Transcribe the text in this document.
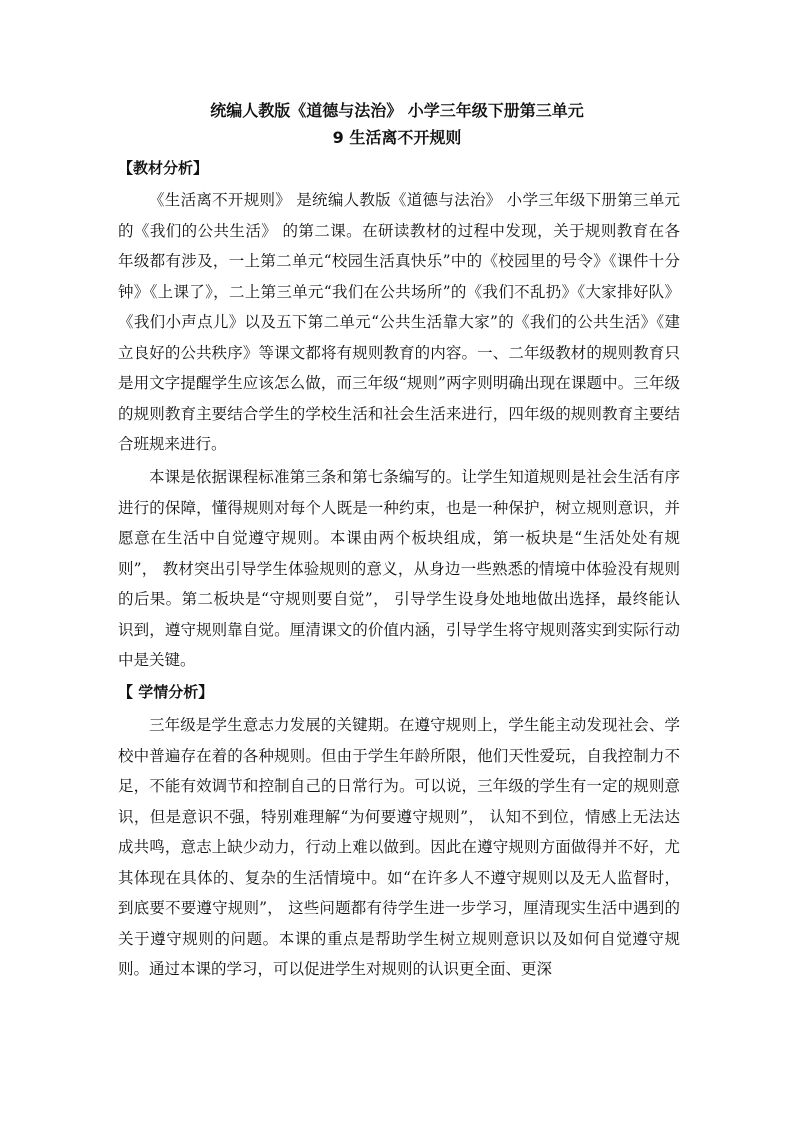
统编人教版《道德与法治》 小学三年级下册第三单元
9 生活离不开规则
【教材分析】

《生活离不开规则》 是统编人教版《道德与法治》 小学三年级下册第三单元的《我们的公共生活》 的第二课。在研读教材的过程中发现，关于规则教育在各年级都有涉及，一上第二单元“校园生活真快乐”中的《校园里的号令》《课件十分钟》《上课了》，二上第三单元“我们在公共场所”的《我们不乱扔》《大家排好队》《我们小声点儿》以及五下第二单元“公共生活靠大家”的《我们的公共生活》《建立良好的公共秩序》等课文都将有规则教育的内容。一、二年级教材的规则教育只是用文字提醒学生应该怎么做，而三年级“规则”两字则明确出现在课题中。三年级的规则教育主要结合学生的学校生活和社会生活来进行，四年级的规则教育主要结合班规来进行。

本课是依据课程标准第三条和第七条编写的。让学生知道规则是社会生活有序进行的保障，懂得规则对每个人既是一种约束，也是一种保护，树立规则意识，并愿意在生活中自觉遵守规则。本课由两个板块组成，第一板块是“生活处处有规则”， 教材突出引导学生体验规则的意义，从身边一些熟悉的情境中体验没有规则的后果。第二板块是“守规则要自觉”， 引导学生设身处地地做出选择，最终能认识到，遵守规则靠自觉。厘清课文的价值内涵，引导学生将守规则落实到实际行动中是关键。

【 学情分析】

三年级是学生意志力发展的关键期。在遵守规则上，学生能主动发现社会、学校中普遍存在着的各种规则。但由于学生年龄所限，他们天性爱玩，自我控制力不足，不能有效调节和控制自己的日常行为。可以说，三年级的学生有一定的规则意识，但是意识不强，特别难理解“为何要遵守规则”， 认知不到位，情感上无法达成共鸣，意志上缺少动力，行动上难以做到。因此在遵守规则方面做得并不好，尤其体现在具体的、复杂的生活情境中。如“在许多人不遵守规则以及无人监督时，到底要不要遵守规则”， 这些问题都有待学生进一步学习，厘清现实生活中遇到的关于遵守规则的问题。本课的重点是帮助学生树立规则意识以及如何自觉遵守规则。通过本课的学习，可以促进学生对规则的认识更全面、更深
